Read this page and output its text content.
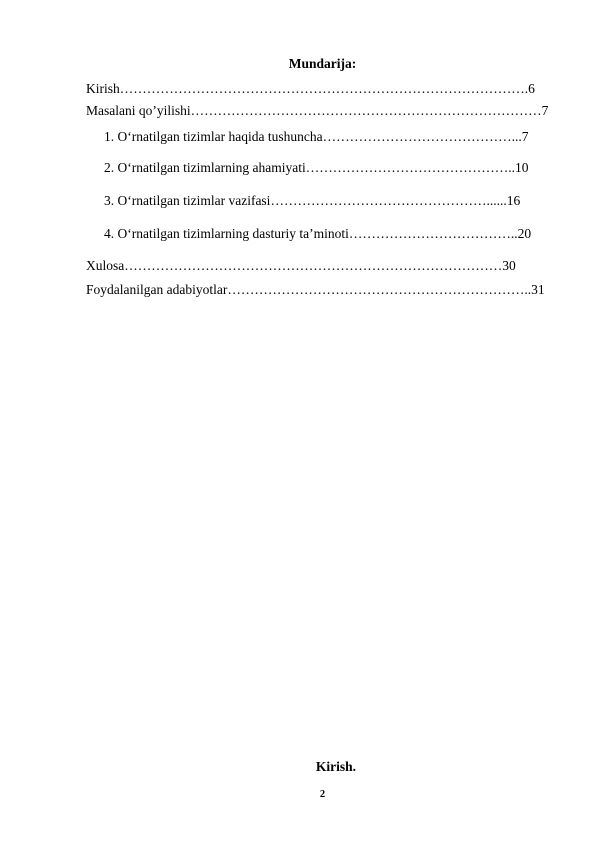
Mundarija:
Kirish……………………………………………………………………………….6
Masalani qo’yilishi……………………………………………………………………7
1. O‘rnatilgan tizimlar haqida tushuncha……………………………………...7
2. O‘rnatilgan tizimlarning ahamiyati………………………………………..10
3. O‘rnatilgan tizimlar vazifasi…………………………………………......16
4. O‘rnatilgan tizimlarning dasturiy ta’minoti………………………………..20
Xulosa…………………………………………………………………………30
Foydalanilgan adabiyotlar…………………………………………………………..31
Kirish.
2
